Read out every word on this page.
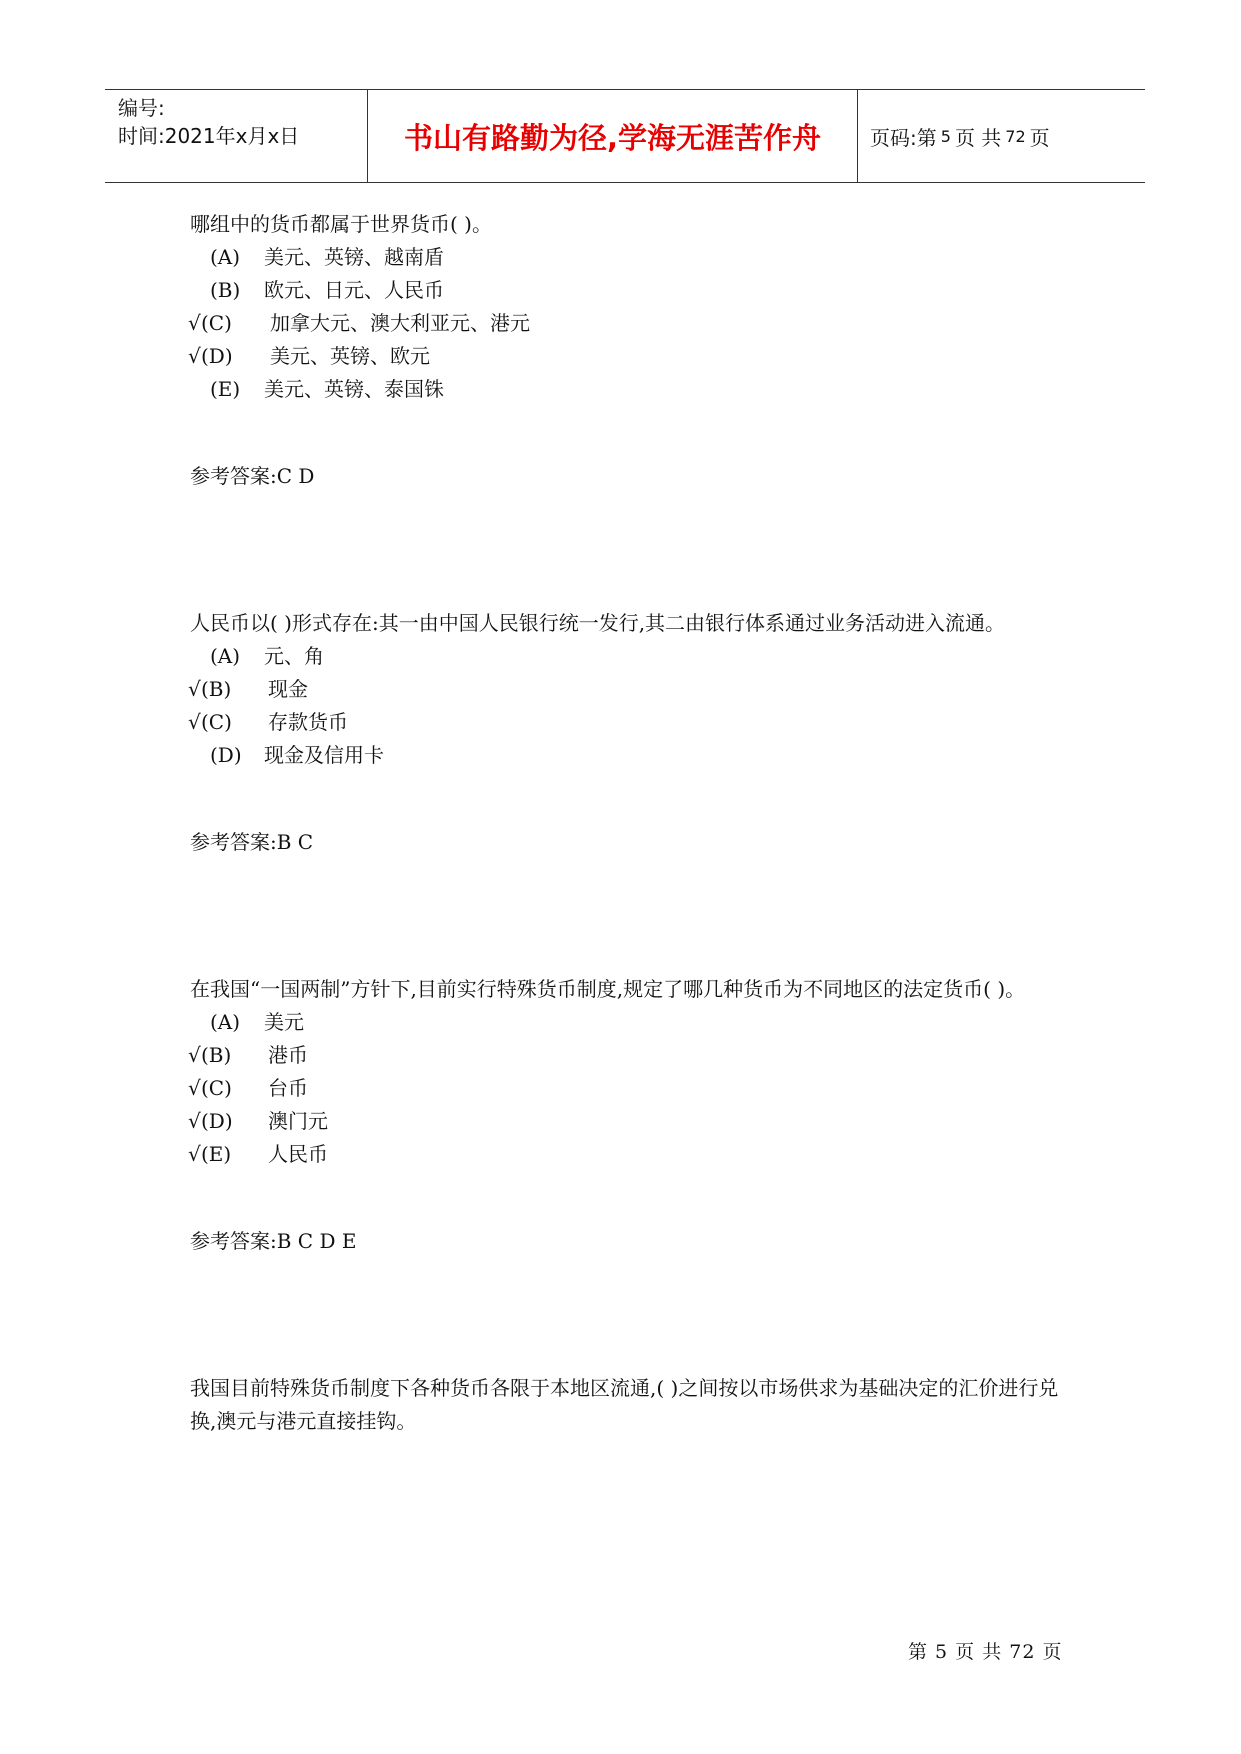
编号:
时间:2021年x月x日	书山有路勤为径,学海无涯苦作舟	页码:第 5 页 共 72 页
哪组中的货币都属于世界货币( )。
(A) 美元、英镑、越南盾
(B) 欧元、日元、人民币
√ (C) 加拿大元、澳大利亚元、港元
√ (D) 美元、英镑、欧元
(E) 美元、英镑、泰国铢
参考答案:C D
人民币以( )形式存在:其一由中国人民银行统一发行,其二由银行体系通过业务活动进入流通。
(A) 元、角
√ (B) 现金
√ (C) 存款货币
(D) 现金及信用卡
参考答案:B C
在我国“一国两制”方针下,目前实行特殊货币制度,规定了哪几种货币为不同地区的法定货币( )。
(A) 美元
√ (B) 港币
√ (C) 台币
√ (D) 澳门元
√ (E) 人民币
参考答案:B C D E
我国目前特殊货币制度下各种货币各限于本地区流通,( )之间按以市场供求为基础决定的汇价进行兑换,澳元与港元直接挂钩。
第 5 页 共 72 页
